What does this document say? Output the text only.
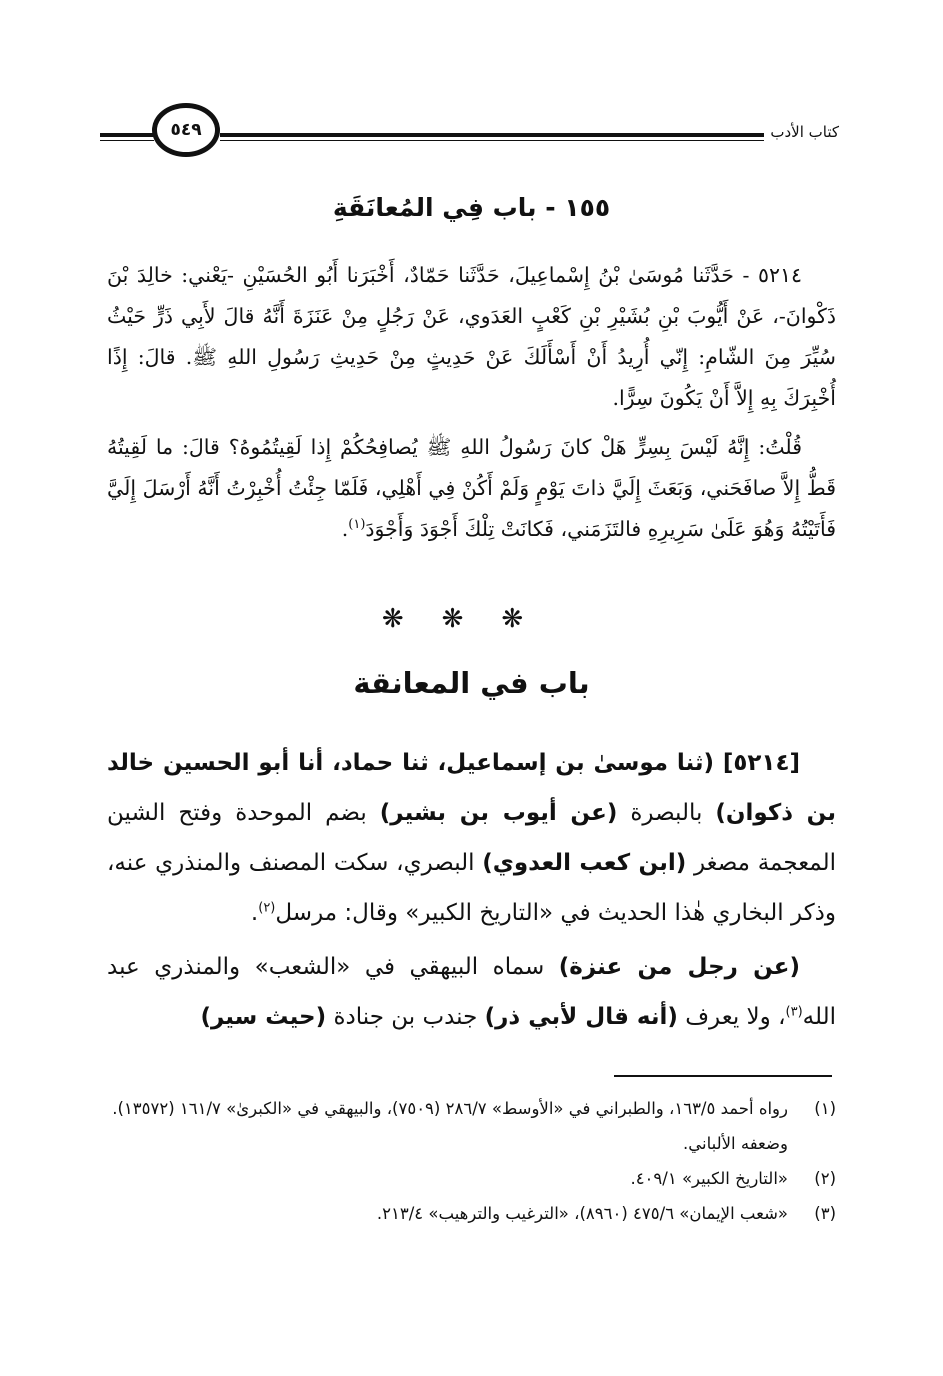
كتاب الأدب
٥٤٩
١٥٥ - باب فِي المُعانَقَةِ

٥٢١٤ - حَدَّثَنا مُوسَىٰ بْنُ إِسْماعِيلَ، حَدَّثَنا حَمّادٌ، أَخْبَرَنا أَبُو الحُسَيْنِ -يَعْني: خالِدَ بْنَ ذَكْوانَ-، عَنْ أَيُّوبَ بْنِ بُشَيْرِ بْنِ كَعْبٍ العَدَوي، عَنْ رَجُلٍ مِنْ عَنَزَةَ أَنَّهُ قالَ لأَبِي ذَرٍّ حَيْثُ سُيِّرَ مِنَ الشّامِ: إِنّي أُرِيدُ أَنْ أَسْأَلَكَ عَنْ حَدِيثٍ مِنْ حَدِيثِ رَسُولِ اللهِ ﷺ. قالَ: إِذًا أُخْبِرَكَ بِهِ إِلاَّ أَنْ يَكُونَ سِرًّا.

قُلْتُ: إِنَّهُ لَيْسَ بِسِرٍّ هَلْ كانَ رَسُولُ اللهِ ﷺ يُصافِحُكُمْ إِذا لَقِيتُمُوهُ؟ قالَ: ما لَقِيتُهُ قَطُّ إِلاَّ صافَحَني، وَبَعَثَ إِلَيَّ ذاتَ يَوْمٍ وَلَمْ أَكُنْ فِي أَهْلِي، فَلَمّا جِئْتُ أُخْبِرْتُ أَنَّهُ أَرْسَلَ إِلَيَّ فَأَتَيْتُهُ وَهُوَ عَلَىٰ سَرِيرِهِ فالتَزَمَني، فَكانَتْ تِلْكَ أَجْوَدَ وَأَجْوَدَ$^{(١)}$.

❋❋❋
باب في المعانقة

[٥٢١٤] (ثنا موسىٰ بن إسماعيل، ثنا حماد، أنا أبو الحسين خالد بن ذكوان) بالبصرة (عن أيوب بن بشير) بضم الموحدة وفتح الشين المعجمة مصغر (ابن كعب العدوي) البصري، سكت المصنف والمنذري عنه، وذكر البخاري هٰذا الحديث في «التاريخ الكبير» وقال: مرسل$^{(٢)}$.

(عن رجل من عنزة) سماه البيهقي في «الشعب» والمنذري عبد الله$^{(٣)}$، ولا يعرف (أنه قال لأبي ذر) جندب بن جنادة (حيث سير)

(١)
رواه أحمد ١٦٣/٥، والطبراني في «الأوسط» ٢٨٦/٧ (٧٥٠٩)، والبيهقي في «الكبرىٰ» ١٦١/٧ (١٣٥٧٢).
وضعفه الألباني.
(٢)
«التاريخ الكبير» ٤٠٩/١.
(٣)
«شعب الإيمان» ٤٧٥/٦ (٨٩٦٠)، «الترغيب والترهيب» ٢١٣/٤.
